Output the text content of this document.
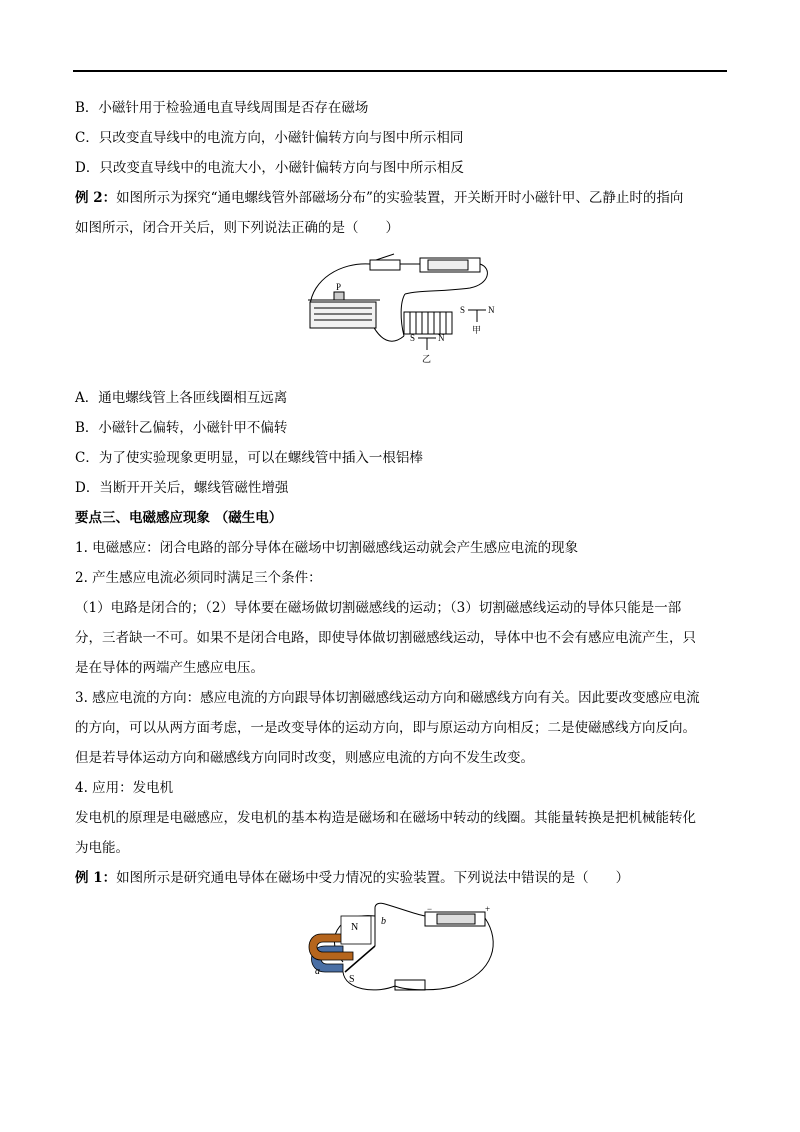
B．小磁针用于检验通电直导线周围是否存在磁场
C．只改变直导线中的电流方向，小磁针偏转方向与图中所示相同
D．只改变直导线中的电流大小，小磁针偏转方向与图中所示相反
例 2：如图所示为探究“通电螺线管外部磁场分布”的实验装置，开关断开时小磁针甲、乙静止时的指向
如图所示，闭合开关后，则下列说法正确的是（　　）
P
S	N
甲
S	N
乙
A．通电螺线管上各匝线圈相互远离
B．小磁针乙偏转，小磁针甲不偏转
C．为了使实验现象更明显，可以在螺线管中插入一根铝棒
D．当断开开关后，螺线管磁性增强
要点三、电磁感应现象 （磁生电）
1. 电磁感应：闭合电路的部分导体在磁场中切割磁感线运动就会产生感应电流的现象
2. 产生感应电流必须同时满足三个条件：
（1）电路是闭合的；（2）导体要在磁场做切割磁感线的运动；（3）切割磁感线运动的导体只能是一部
分，三者缺一不可。如果不是闭合电路，即使导体做切割磁感线运动，导体中也不会有感应电流产生，只
是在导体的两端产生感应电压。
3. 感应电流的方向：感应电流的方向跟导体切割磁感线运动方向和磁感线方向有关。因此要改变感应电流
的方向，可以从两方面考虑，一是改变导体的运动方向，即与原运动方向相反；二是使磁感线方向反向。
但是若导体运动方向和磁感线方向同时改变，则感应电流的方向不发生改变。
4. 应用：发电机
发电机的原理是电磁感应，发电机的基本构造是磁场和在磁场中转动的线圈。其能量转换是把机械能转化
为电能。
例 1：如图所示是研究通电导体在磁场中受力情况的实验装置。下列说法中错误的是（　　）
N
S
b
a
−	+
